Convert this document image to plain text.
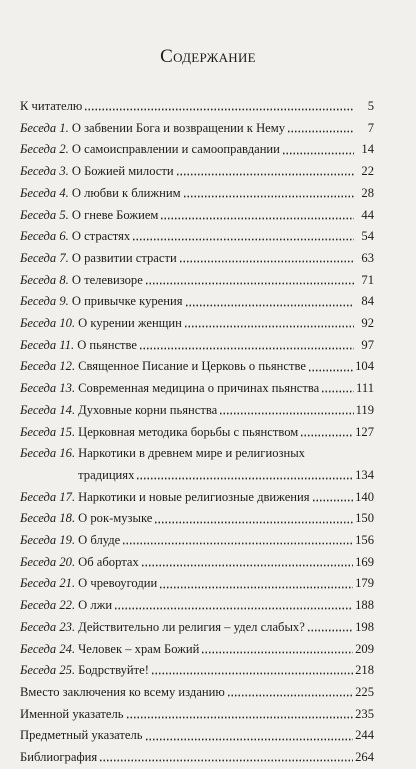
Содержание
К читателю	5
Беседа 1. О забвении Бога и возвращении к Нему	7
Беседа 2. О самоисправлении и самооправдании	14
Беседа 3. О Божией милости	22
Беседа 4. О любви к ближним	28
Беседа 5. О гневе Божием	44
Беседа 6. О страстях	54
Беседа 7. О развитии страсти	63
Беседа 8. О телевизоре	71
Беседа 9. О привычке курения	84
Беседа 10. О курении женщин	92
Беседа 11. О пьянстве	97
Беседа 12. Священное Писание и Церковь о пьянстве	104
Беседа 13. Современная медицина о причинах пьянства	111
Беседа 14. Духовные корни пьянства	119
Беседа 15. Церковная методика борьбы с пьянством	127
Беседа 16. Наркотики в древнем мире и религиозных
традициях	134
Беседа 17. Наркотики и новые религиозные движения	140
Беседа 18. О рок-музыке	150
Беседа 19. О блуде	156
Беседа 20. Об абортах	169
Беседа 21. О чревоугодии	179
Беседа 22. О лжи	188
Беседа 23. Действительно ли религия – удел слабых?	198
Беседа 24. Человек – храм Божий	209
Беседа 25. Бодрствуйте!	218
Вместо заключения ко всему изданию	225
Именной указатель	235
Предметный указатель	244
Библиография	264
